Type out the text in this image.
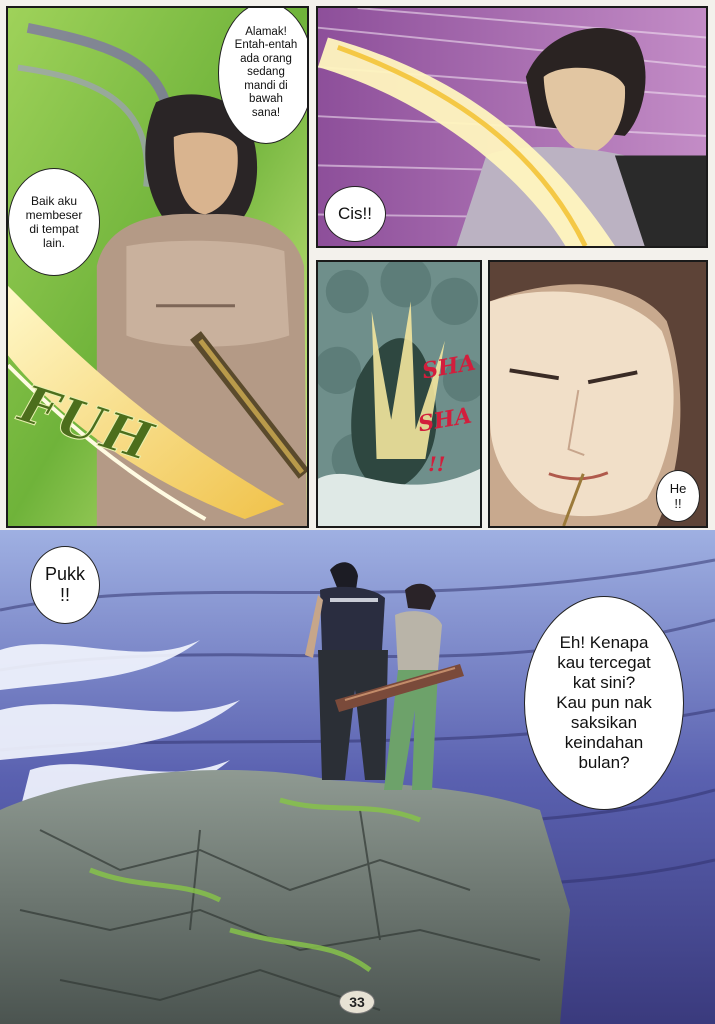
Alamak!
Entah-entah
ada orang
sedang
mandi di
bawah
sana!
Baik aku
membeser
di tempat
lain.
FUH
Cis!!
SHA
SHA
!!
He
!!
Pukk
!!
Eh! Kenapa
kau tercegat
kat sini?
Kau pun nak
saksikan
keindahan
bulan?
33
